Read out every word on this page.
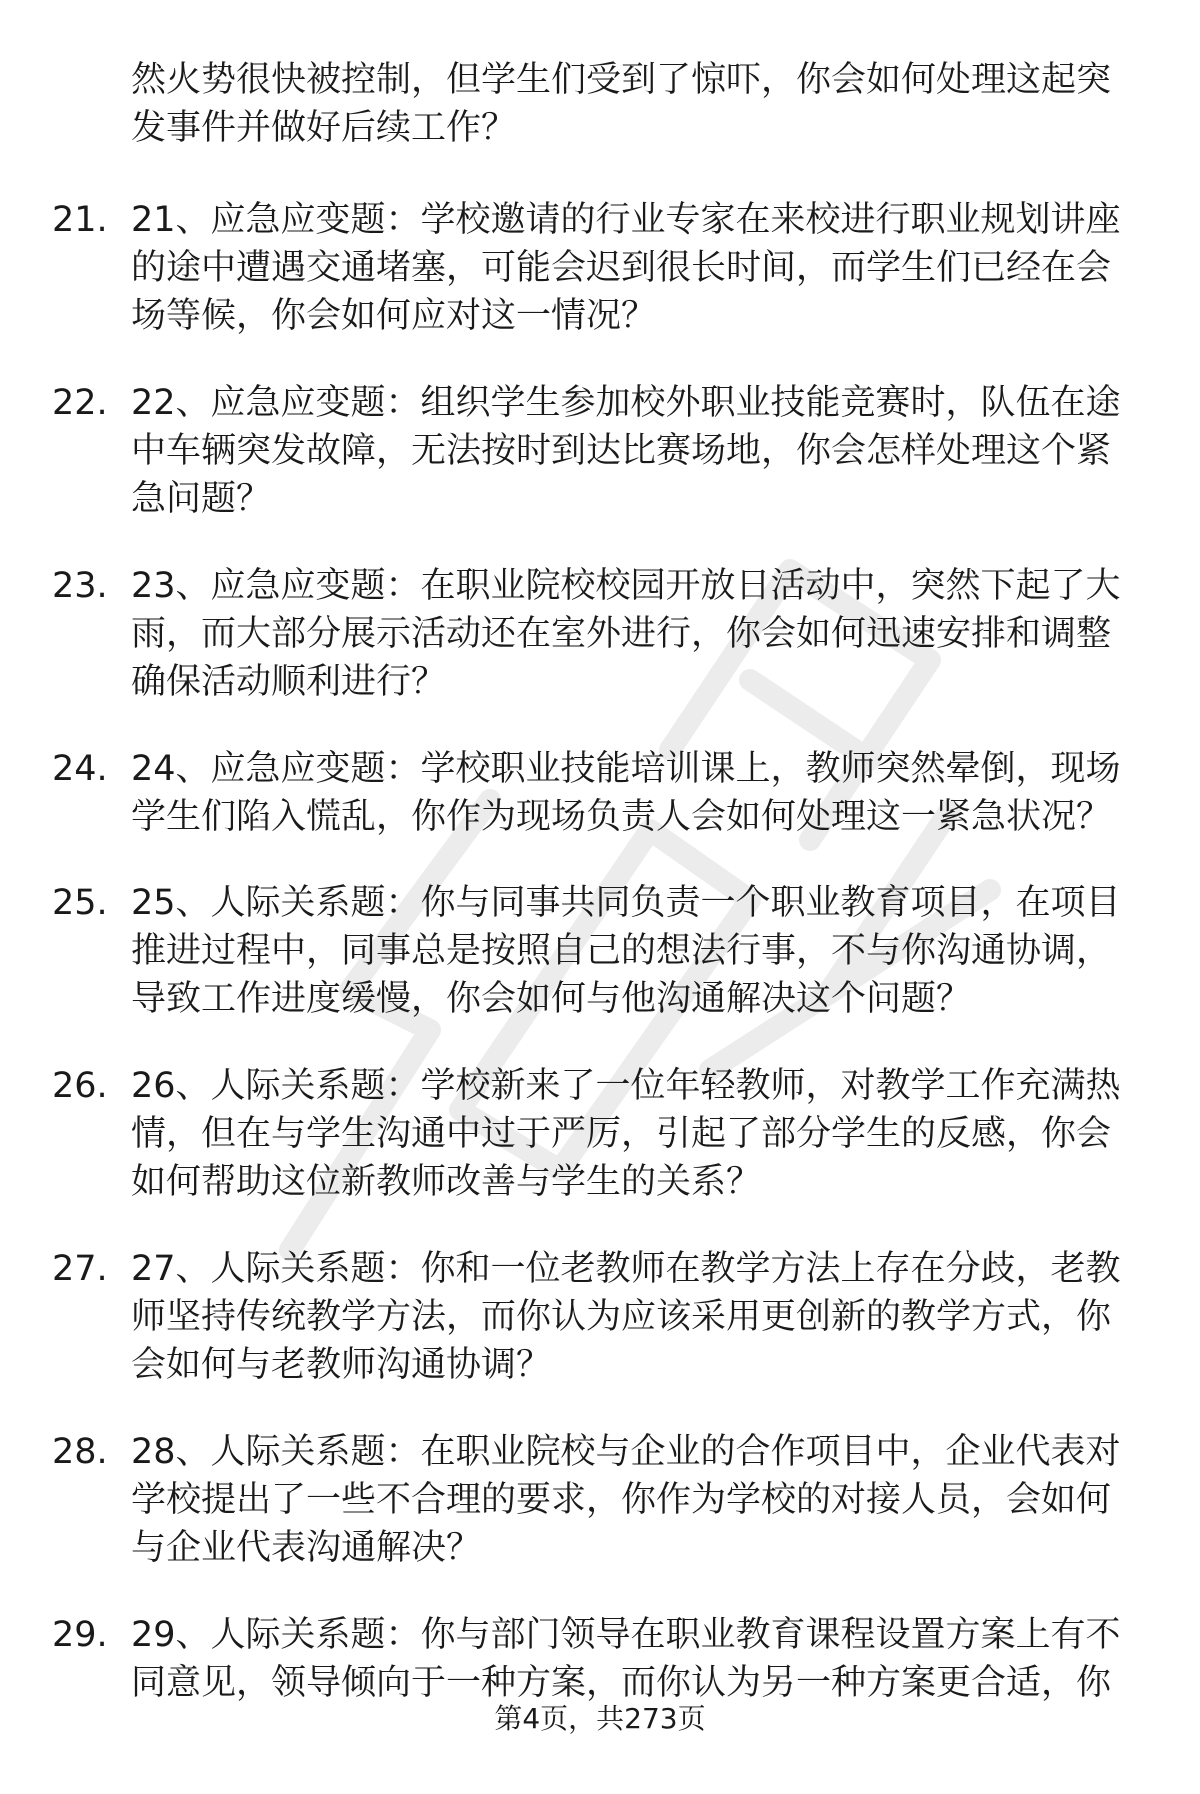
然火势很快被控制，但学生们受到了惊吓，你会如何处理这起突发事件并做好后续工作？

21. 21、应急应变题：学校邀请的行业专家在来校进行职业规划讲座的途中遭遇交通堵塞，可能会迟到很长时间，而学生们已经在会场等候，你会如何应对这一情况？
22. 22、应急应变题：组织学生参加校外职业技能竞赛时，队伍在途中车辆突发故障，无法按时到达比赛场地，你会怎样处理这个紧急问题？
23. 23、应急应变题：在职业院校校园开放日活动中，突然下起了大雨，而大部分展示活动还在室外进行，你会如何迅速安排和调整确保活动顺利进行？
24. 24、应急应变题：学校职业技能培训课上，教师突然晕倒，现场学生们陷入慌乱，你作为现场负责人会如何处理这一紧急状况？
25. 25、人际关系题：你与同事共同负责一个职业教育项目，在项目推进过程中，同事总是按照自己的想法行事，不与你沟通协调，导致工作进度缓慢，你会如何与他沟通解决这个问题？
26. 26、人际关系题：学校新来了一位年轻教师，对教学工作充满热情，但在与学生沟通中过于严厉，引起了部分学生的反感，你会如何帮助这位新教师改善与学生的关系？
27. 27、人际关系题：你和一位老教师在教学方法上存在分歧，老教师坚持传统教学方法，而你认为应该采用更创新的教学方式，你会如何与老教师沟通协调？
28. 28、人际关系题：在职业院校与企业的合作项目中，企业代表对学校提出了一些不合理的要求，你作为学校的对接人员，会如何与企业代表沟通解决？
29. 29、人际关系题：你与部门领导在职业教育课程设置方案上有不同意见，领导倾向于一种方案，而你认为另一种方案更合适，你
第4页，共273页
